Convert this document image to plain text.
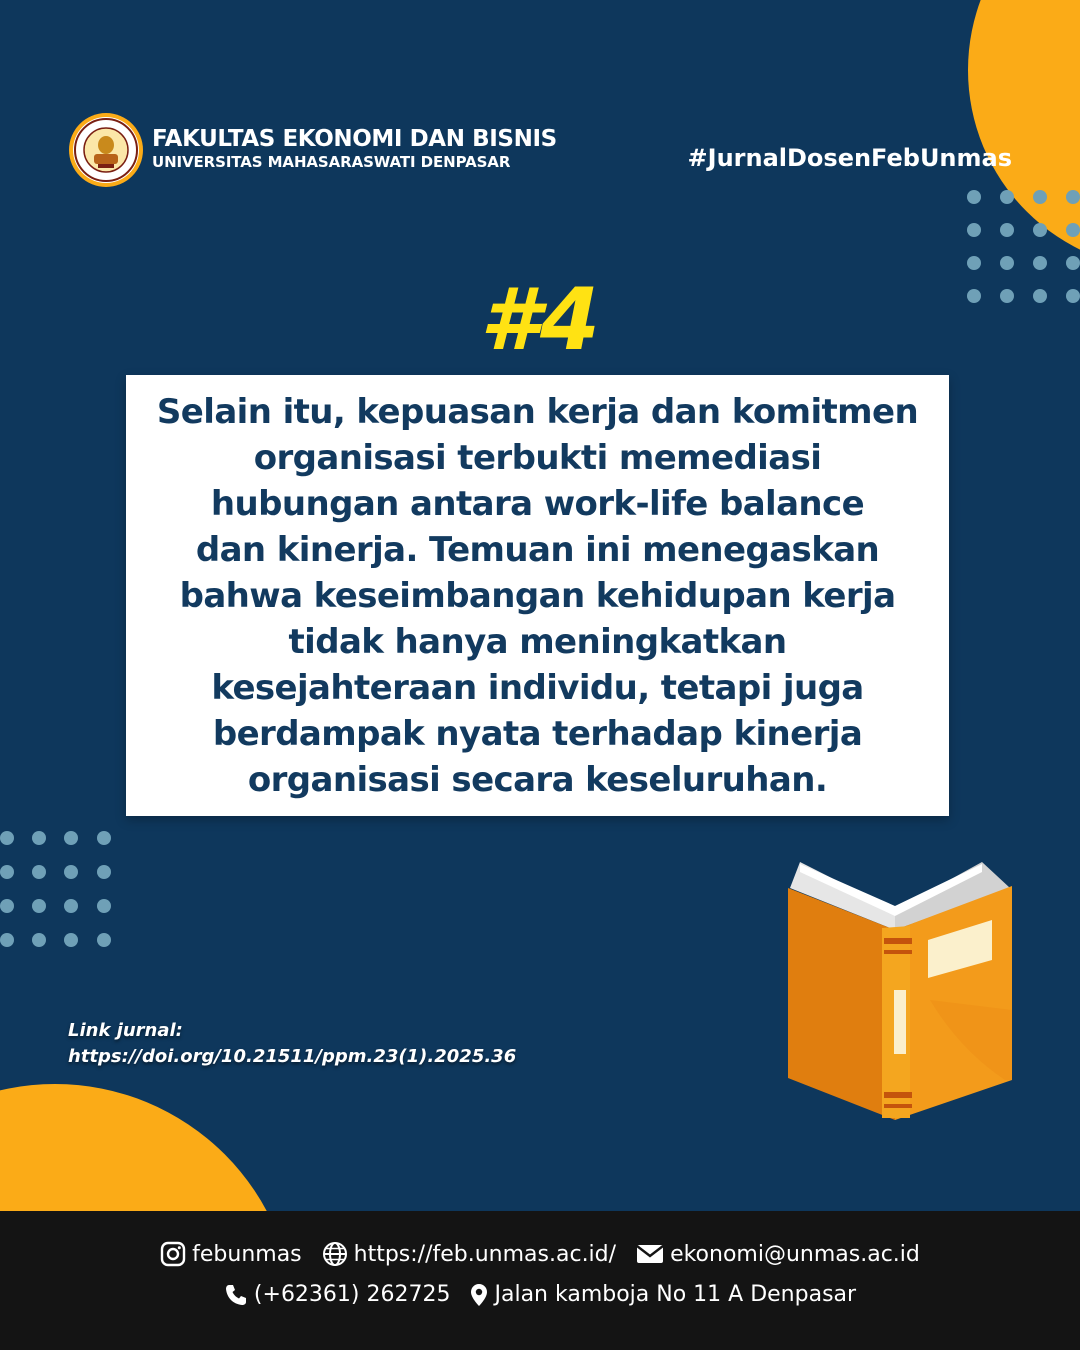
FAKULTAS EKONOMI DAN BISNIS
UNIVERSITAS MAHASARASWATI DENPASAR	#JurnalDosenFebUnmas
#4
Selain itu, kepuasan kerja dan komitmen
organisasi terbukti memediasi
hubungan antara work-life balance
dan kinerja. Temuan ini menegaskan
bahwa keseimbangan kehidupan kerja
tidak hanya meningkatkan
kesejahteraan individu, tetapi juga
berdampak nyata terhadap kinerja
organisasi secara keseluruhan.
Link jurnal:
https://doi.org/10.21511/ppm.23(1).2025.36
febunmas https://feb.unmas.ac.id/ ekonomi@unmas.ac.id
(+62361) 262725 Jalan kamboja No 11 A Denpasar
